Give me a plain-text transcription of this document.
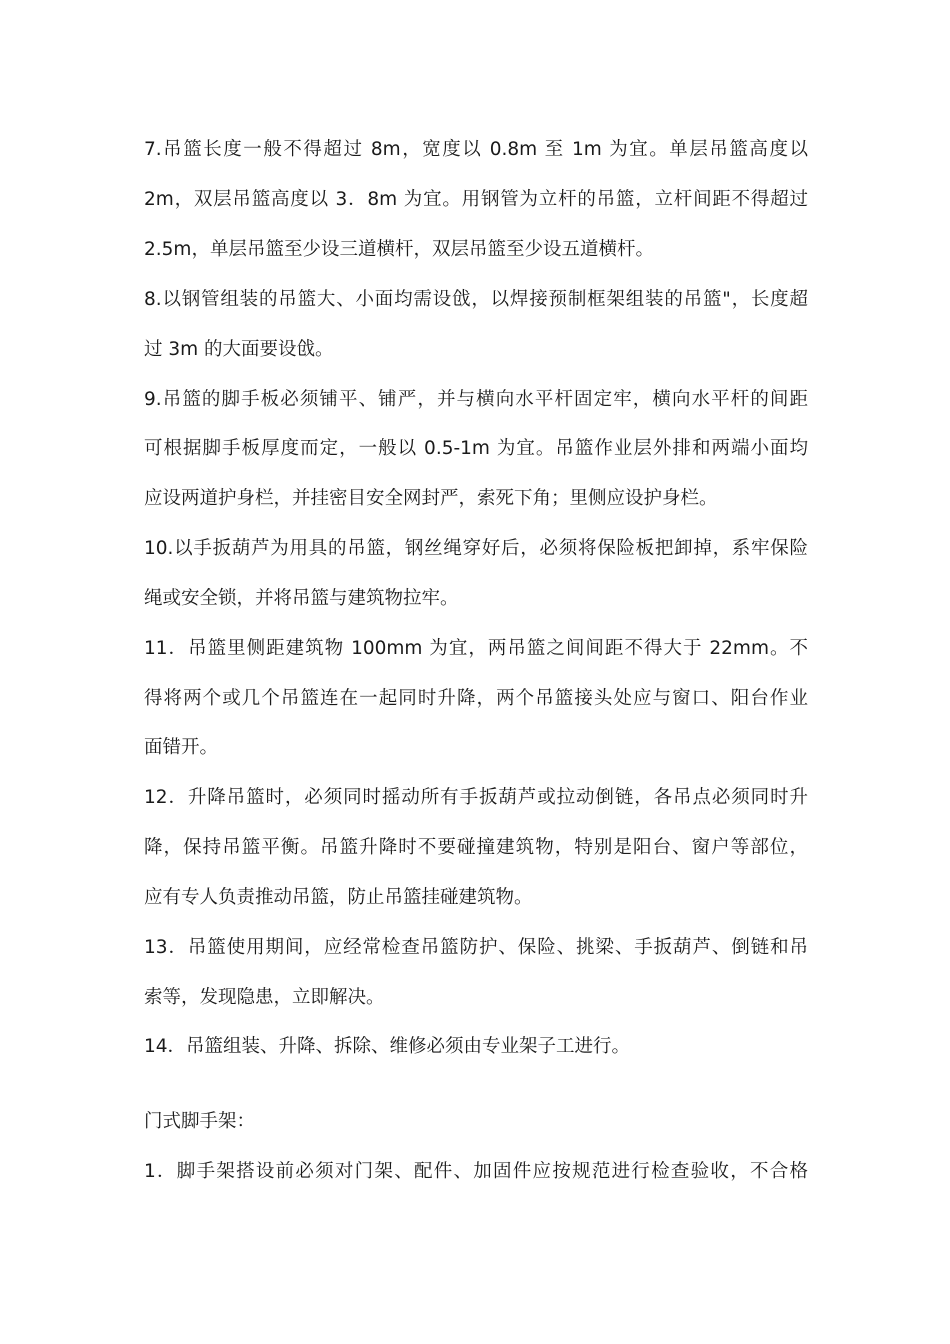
7.吊篮长度一般不得超过 8m，宽度以 0.8m 至 1m 为宜。单层吊篮高度以
2m，双层吊篮高度以 3．8m 为宜。用钢管为立杆的吊篮，立杆间距不得超过
2.5m，单层吊篮至少设三道横杆，双层吊篮至少设五道横杆。
8.以钢管组装的吊篮大、小面均需设戗，以焊接预制框架组装的吊篮"，长度超
过 3m 的大面要设戗。
9.吊篮的脚手板必须铺平、铺严，并与横向水平杆固定牢，横向水平杆的间距
可根据脚手板厚度而定，一般以 0.5-1m 为宜。吊篮作业层外排和两端小面均
应设两道护身栏，并挂密目安全网封严，索死下角；里侧应设护身栏。
10.以手扳葫芦为用具的吊篮，钢丝绳穿好后，必须将保险板把卸掉，系牢保险
绳或安全锁，并将吊篮与建筑物拉牢。
11．吊篮里侧距建筑物 100mm 为宜，两吊篮之间间距不得大于 22mm。不
得将两个或几个吊篮连在一起同时升降，两个吊篮接头处应与窗口、阳台作业
面错开。
12．升降吊篮时，必须同时摇动所有手扳葫芦或拉动倒链，各吊点必须同时升
降，保持吊篮平衡。吊篮升降时不要碰撞建筑物，特别是阳台、窗户等部位，
应有专人负责推动吊篮，防止吊篮挂碰建筑物。
13．吊篮使用期间，应经常检查吊篮防护、保险、挑梁、手扳葫芦、倒链和吊
索等，发现隐患，立即解决。
14．吊篮组装、升降、拆除、维修必须由专业架子工进行。
门式脚手架：
1．脚手架搭设前必须对门架、配件、加固件应按规范进行检查验收，不合格
